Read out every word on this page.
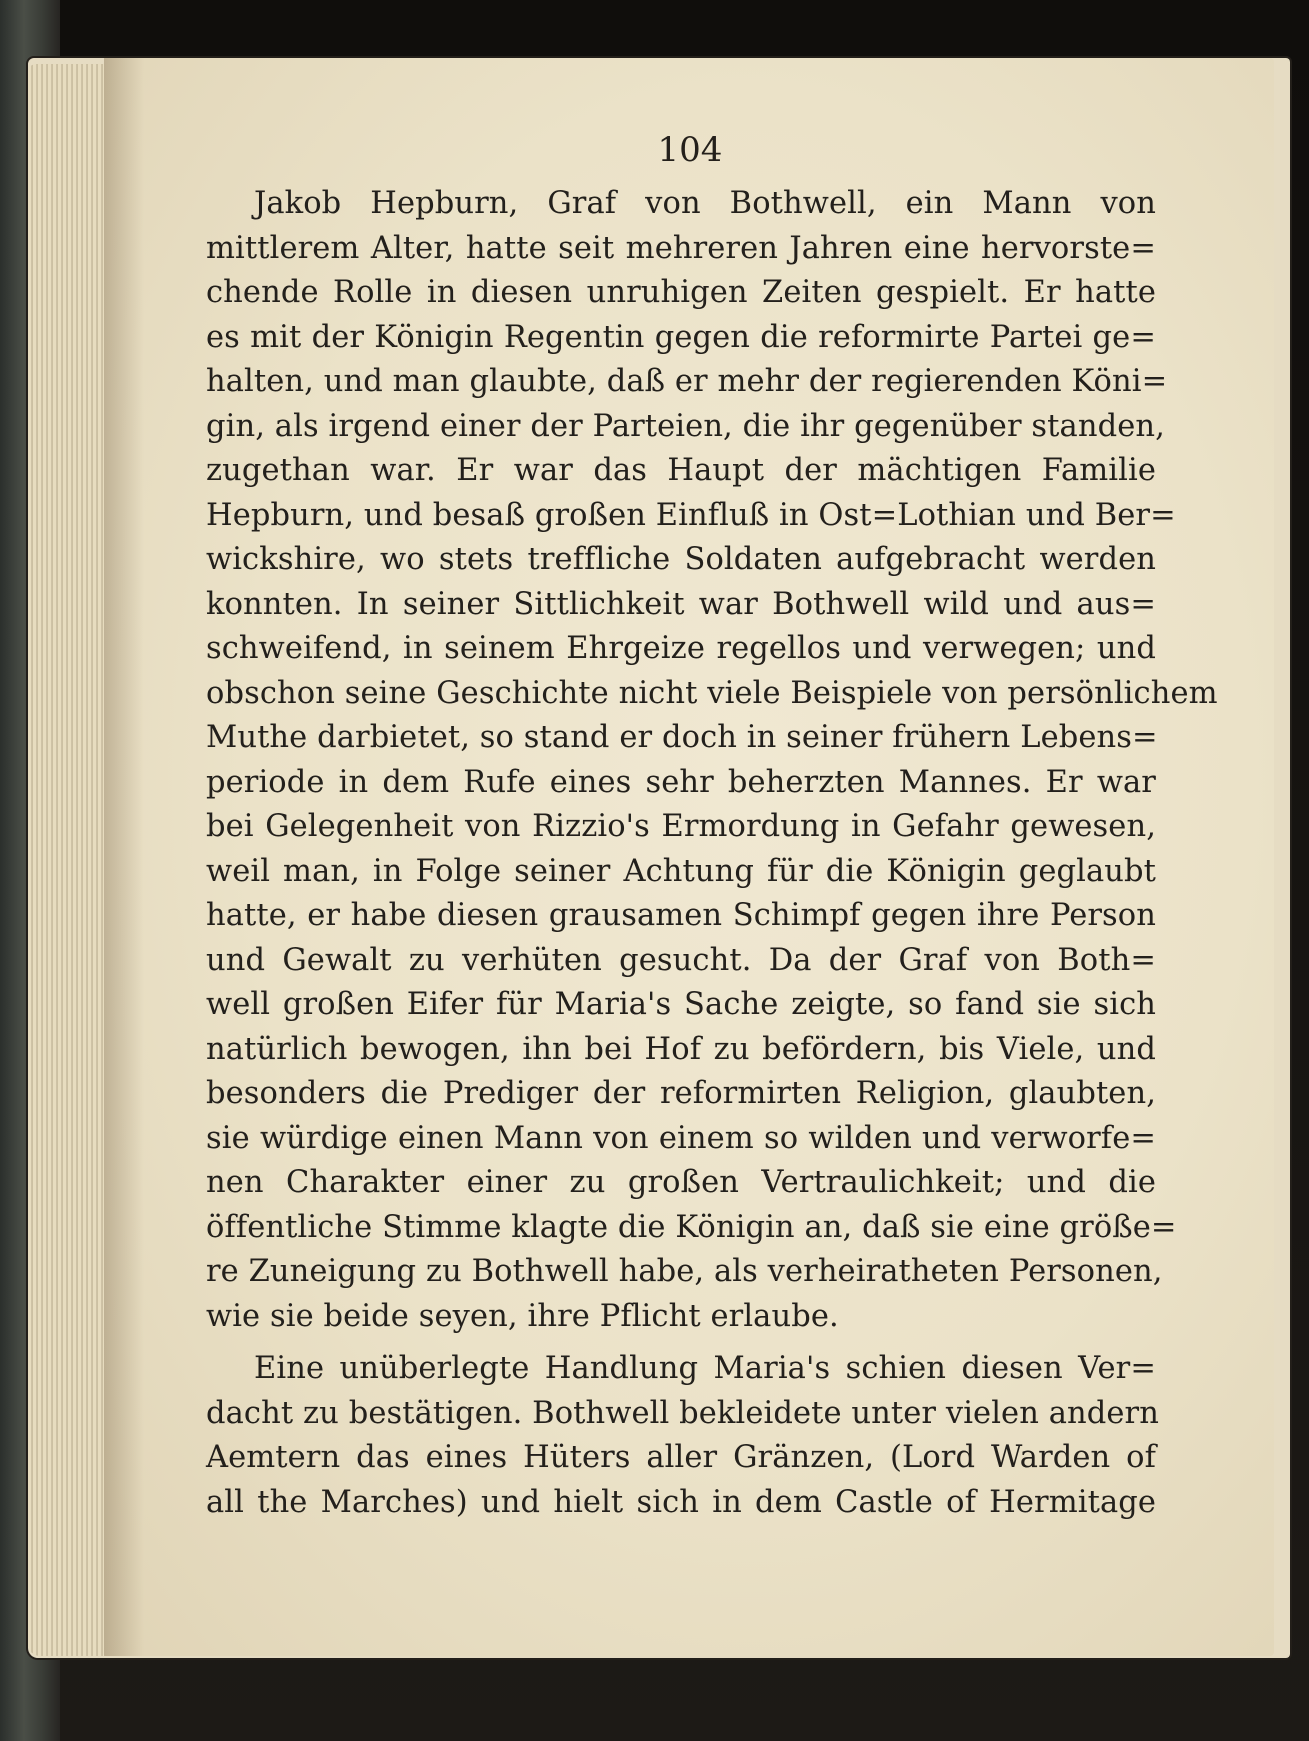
104
Jakob Hepburn, Graf von Bothwell, ein Mann von
mittlerem Alter, hatte seit mehreren Jahren eine hervorste=
chende Rolle in diesen unruhigen Zeiten gespielt. Er hatte
es mit der Königin Regentin gegen die reformirte Partei ge=
halten, und man glaubte, daß er mehr der regierenden Köni=
gin, als irgend einer der Parteien, die ihr gegenüber standen,
zugethan war. Er war das Haupt der mächtigen Familie
Hepburn, und besaß großen Einfluß in Ost=Lothian und Ber=
wickshire, wo stets treffliche Soldaten aufgebracht werden
konnten. In seiner Sittlichkeit war Bothwell wild und aus=
schweifend, in seinem Ehrgeize regellos und verwegen; und
obschon seine Geschichte nicht viele Beispiele von persönlichem
Muthe darbietet, so stand er doch in seiner frühern Lebens=
periode in dem Rufe eines sehr beherzten Mannes. Er war
bei Gelegenheit von Rizzio's Ermordung in Gefahr gewesen,
weil man, in Folge seiner Achtung für die Königin geglaubt
hatte, er habe diesen grausamen Schimpf gegen ihre Person
und Gewalt zu verhüten gesucht. Da der Graf von Both=
well großen Eifer für Maria's Sache zeigte, so fand sie sich
natürlich bewogen, ihn bei Hof zu befördern, bis Viele, und
besonders die Prediger der reformirten Religion, glaubten,
sie würdige einen Mann von einem so wilden und verworfe=
nen Charakter einer zu großen Vertraulichkeit; und die
öffentliche Stimme klagte die Königin an, daß sie eine größe=
re Zuneigung zu Bothwell habe, als verheiratheten Personen,
wie sie beide seyen, ihre Pflicht erlaube.
Eine unüberlegte Handlung Maria's schien diesen Ver=
dacht zu bestätigen. Bothwell bekleidete unter vielen andern
Aemtern das eines Hüters aller Gränzen, (Lord Warden of
all the Marches) und hielt sich in dem Castle of Hermitage
